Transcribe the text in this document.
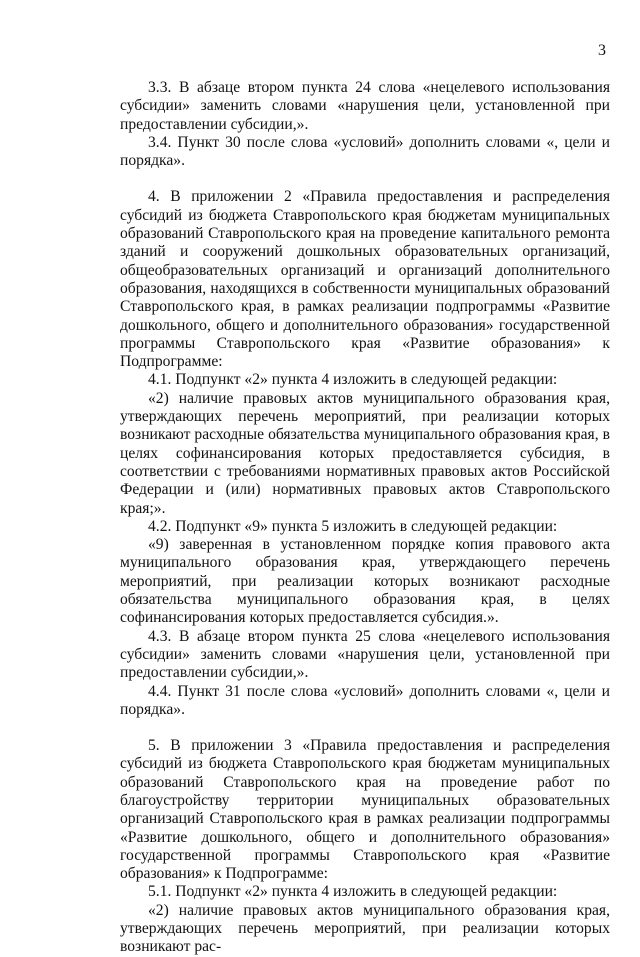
3

3.3. В абзаце втором пункта 24 слова «нецелевого использования субсидии» заменить словами «нарушения цели, установленной при предоставлении субсидии,».

3.4. Пункт 30 после слова «условий» дополнить словами «, цели и порядка».

4. В приложении 2 «Правила предоставления и распределения субсидий из бюджета Ставропольского края бюджетам муниципальных образований Ставропольского края на проведение капитального ремонта зданий и сооружений дошкольных образовательных организаций, общеобразовательных организаций и организаций дополнительного образования, находящихся в собственности муниципальных образований Ставропольского края, в рамках реализации подпрограммы «Развитие дошкольного, общего и дополнительного образования» государственной программы Ставропольского края «Развитие образования» к Подпрограмме:

4.1. Подпункт «2» пункта 4 изложить в следующей редакции:

«2) наличие правовых актов муниципального образования края, утверждающих перечень мероприятий, при реализации которых возникают расходные обязательства муниципального образования края, в целях софинансирования которых предоставляется субсидия, в соответствии с требованиями нормативных правовых актов Российской Федерации и (или) нормативных правовых актов Ставропольского края;».

4.2. Подпункт «9» пункта 5 изложить в следующей редакции:

«9) заверенная в установленном порядке копия правового акта муниципального образования края, утверждающего перечень мероприятий, при реализации которых возникают расходные обязательства муниципального образования края, в целях софинансирования которых предоставляется субсидия.».

4.3. В абзаце втором пункта 25 слова «нецелевого использования субсидии» заменить словами «нарушения цели, установленной при предоставлении субсидии,».

4.4. Пункт 31 после слова «условий» дополнить словами «, цели и порядка».

5. В приложении 3 «Правила предоставления и распределения субсидий из бюджета Ставропольского края бюджетам муниципальных образований Ставропольского края на проведение работ по благоустройству территории муниципальных образовательных организаций Ставропольского края в рамках реализации подпрограммы «Развитие дошкольного, общего и дополнительного образования» государственной программы Ставропольского края «Развитие образования» к Подпрограмме:

5.1. Подпункт «2» пункта 4 изложить в следующей редакции:

«2) наличие правовых актов муниципального образования края, утверждающих перечень мероприятий, при реализации которых возникают рас-
